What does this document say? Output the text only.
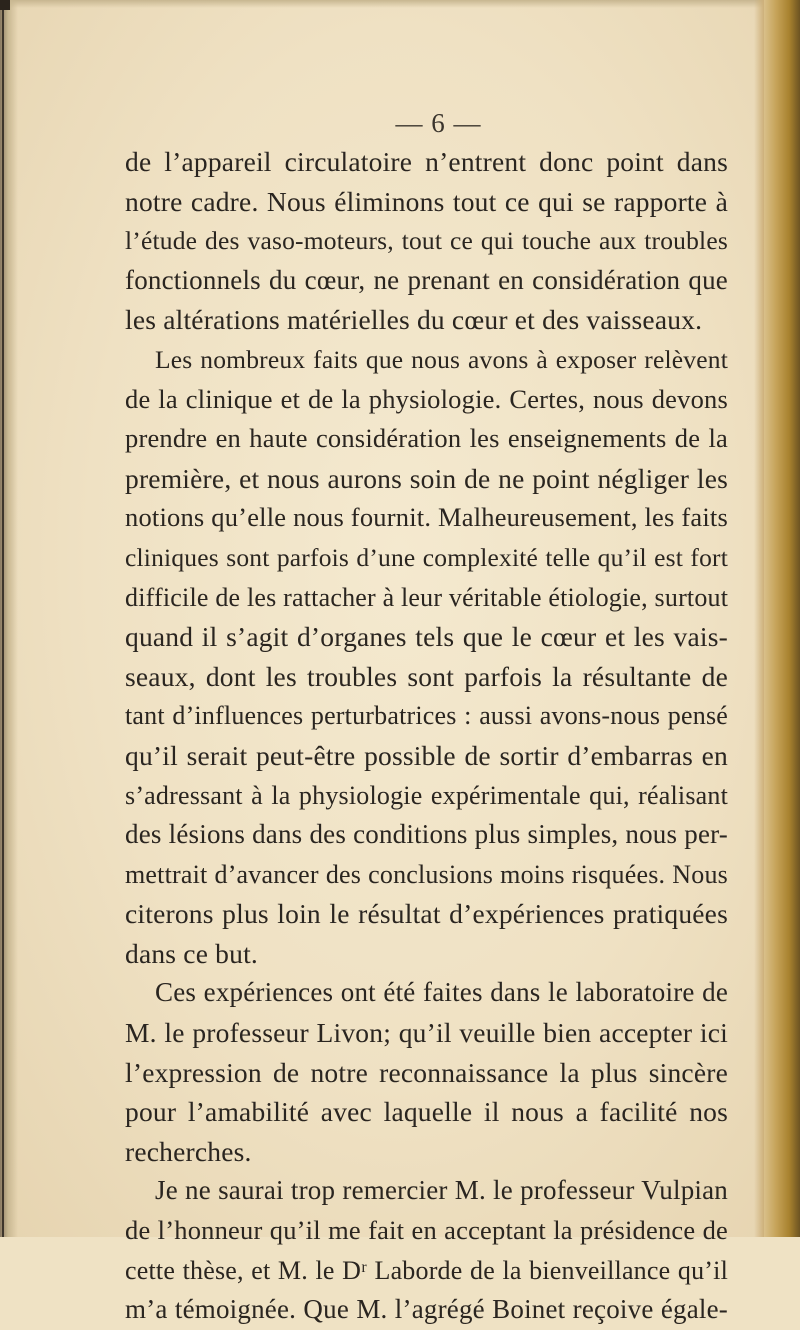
— 6 —
de l’appareil circulatoire n’entrent donc point dans
notre cadre. Nous éliminons tout ce qui se rapporte à
l’étude des vaso-moteurs, tout ce qui touche aux troubles
fonctionnels du cœur, ne prenant en considération que
les altérations matérielles du cœur et des vaisseaux.
Les nombreux faits que nous avons à exposer relèvent
de la clinique et de la physiologie. Certes, nous devons
prendre en haute considération les enseignements de la
première, et nous aurons soin de ne point négliger les
notions qu’elle nous fournit. Malheureusement, les faits
cliniques sont parfois d’une complexité telle qu’il est fort
difficile de les rattacher à leur véritable étiologie, surtout
quand il s’agit d’organes tels que le cœur et les vais-
seaux, dont les troubles sont parfois la résultante de
tant d’influences perturbatrices : aussi avons-nous pensé
qu’il serait peut-être possible de sortir d’embarras en
s’adressant à la physiologie expérimentale qui, réalisant
des lésions dans des conditions plus simples, nous per-
mettrait d’avancer des conclusions moins risquées. Nous
citerons plus loin le résultat d’expériences pratiquées
dans ce but.
Ces expériences ont été faites dans le laboratoire de
M. le professeur Livon; qu’il veuille bien accepter ici
l’expression de notre reconnaissance la plus sincère
pour l’amabilité avec laquelle il nous a facilité nos
recherches.
Je ne saurai trop remercier M. le professeur Vulpian
de l’honneur qu’il me fait en acceptant la présidence de
cette thèse, et M. le Dʳ Laborde de la bienveillance qu’il
m’a témoignée. Que M. l’agrégé Boinet reçoive égale-
